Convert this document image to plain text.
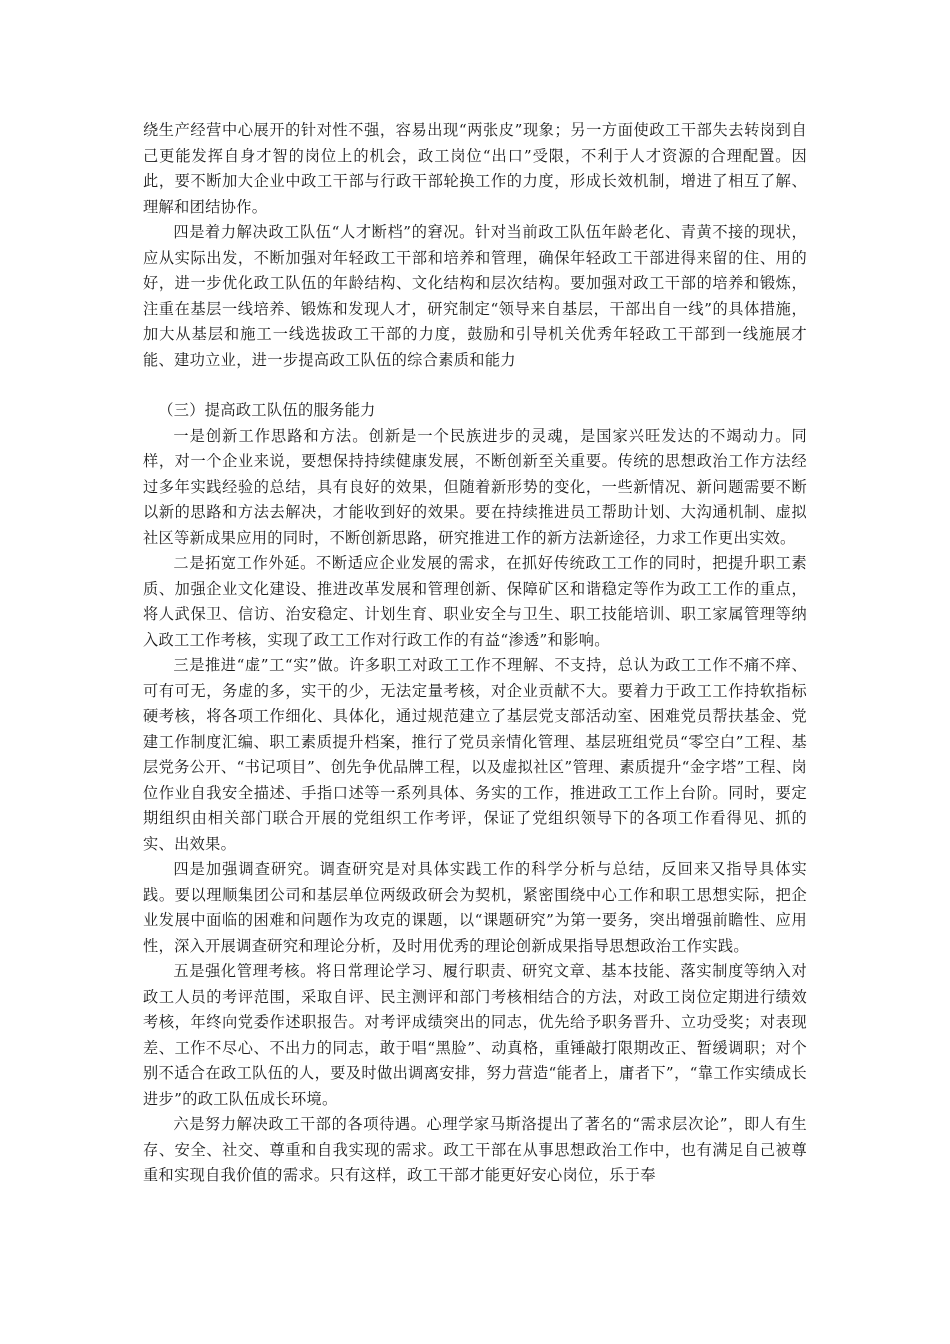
绕生产经营中心展开的针对性不强，容易出现“两张皮”现象；另一方面使政工干部失去转岗到自己更能发挥自身才智的岗位上的机会，政工岗位“出口”受限，不利于人才资源的合理配置。因此，要不断加大企业中政工干部与行政干部轮换工作的力度，形成长效机制，增进了相互了解、理解和团结协作。

四是着力解决政工队伍“人才断档”的窘况。针对当前政工队伍年龄老化、青黄不接的现状，应从实际出发，不断加强对年轻政工干部和培养和管理，确保年轻政工干部进得来留的住、用的好，进一步优化政工队伍的年龄结构、文化结构和层次结构。要加强对政工干部的培养和锻炼，注重在基层一线培养、锻炼和发现人才，研究制定“领导来自基层，干部出自一线”的具体措施，加大从基层和施工一线选拔政工干部的力度，鼓励和引导机关优秀年轻政工干部到一线施展才能、建功立业，进一步提高政工队伍的综合素质和能力

（三）提高政工队伍的服务能力

一是创新工作思路和方法。创新是一个民族进步的灵魂，是国家兴旺发达的不竭动力。同样，对一个企业来说，要想保持持续健康发展，不断创新至关重要。传统的思想政治工作方法经过多年实践经验的总结，具有良好的效果，但随着新形势的变化，一些新情况、新问题需要不断以新的思路和方法去解决，才能收到好的效果。要在持续推进员工帮助计划、大沟通机制、虚拟社区等新成果应用的同时，不断创新思路，研究推进工作的新方法新途径，力求工作更出实效。

二是拓宽工作外延。不断适应企业发展的需求，在抓好传统政工工作的同时，把提升职工素质、加强企业文化建设、推进改革发展和管理创新、保障矿区和谐稳定等作为政工工作的重点，将人武保卫、信访、治安稳定、计划生育、职业安全与卫生、职工技能培训、职工家属管理等纳入政工工作考核，实现了政工工作对行政工作的有益“渗透”和影响。

三是推进“虚”工“实”做。许多职工对政工工作不理解、不支持，总认为政工工作不痛不痒、可有可无，务虚的多，实干的少，无法定量考核，对企业贡献不大。要着力于政工工作持软指标硬考核，将各项工作细化、具体化，通过规范建立了基层党支部活动室、困难党员帮扶基金、党建工作制度汇编、职工素质提升档案，推行了党员亲情化管理、基层班组党员“零空白”工程、基层党务公开、“书记项目”、创先争优品牌工程，以及虚拟社区”管理、素质提升“金字塔”工程、岗位作业自我安全描述、手指口述等一系列具体、务实的工作，推进政工工作上台阶。同时，要定期组织由相关部门联合开展的党组织工作考评，保证了党组织领导下的各项工作看得见、抓的实、出效果。

四是加强调查研究。调查研究是对具体实践工作的科学分析与总结，反回来又指导具体实践。要以理顺集团公司和基层单位两级政研会为契机，紧密围绕中心工作和职工思想实际，把企业发展中面临的困难和问题作为攻克的课题，以“课题研究”为第一要务，突出增强前瞻性、应用性，深入开展调查研究和理论分析，及时用优秀的理论创新成果指导思想政治工作实践。

五是强化管理考核。将日常理论学习、履行职责、研究文章、基本技能、落实制度等纳入对政工人员的考评范围，采取自评、民主测评和部门考核相结合的方法，对政工岗位定期进行绩效考核，年终向党委作述职报告。对考评成绩突出的同志，优先给予职务晋升、立功受奖；对表现差、工作不尽心、不出力的同志，敢于唱“黑脸”、动真格，重锤敲打限期改正、暂缓调职；对个别不适合在政工队伍的人，要及时做出调离安排，努力营造“能者上，庸者下”，“靠工作实绩成长进步”的政工队伍成长环境。

六是努力解决政工干部的各项待遇。心理学家马斯洛提出了著名的“需求层次论”，即人有生存、安全、社交、尊重和自我实现的需求。政工干部在从事思想政治工作中，也有满足自己被尊重和实现自我价值的需求。只有这样，政工干部才能更好安心岗位，乐于奉
